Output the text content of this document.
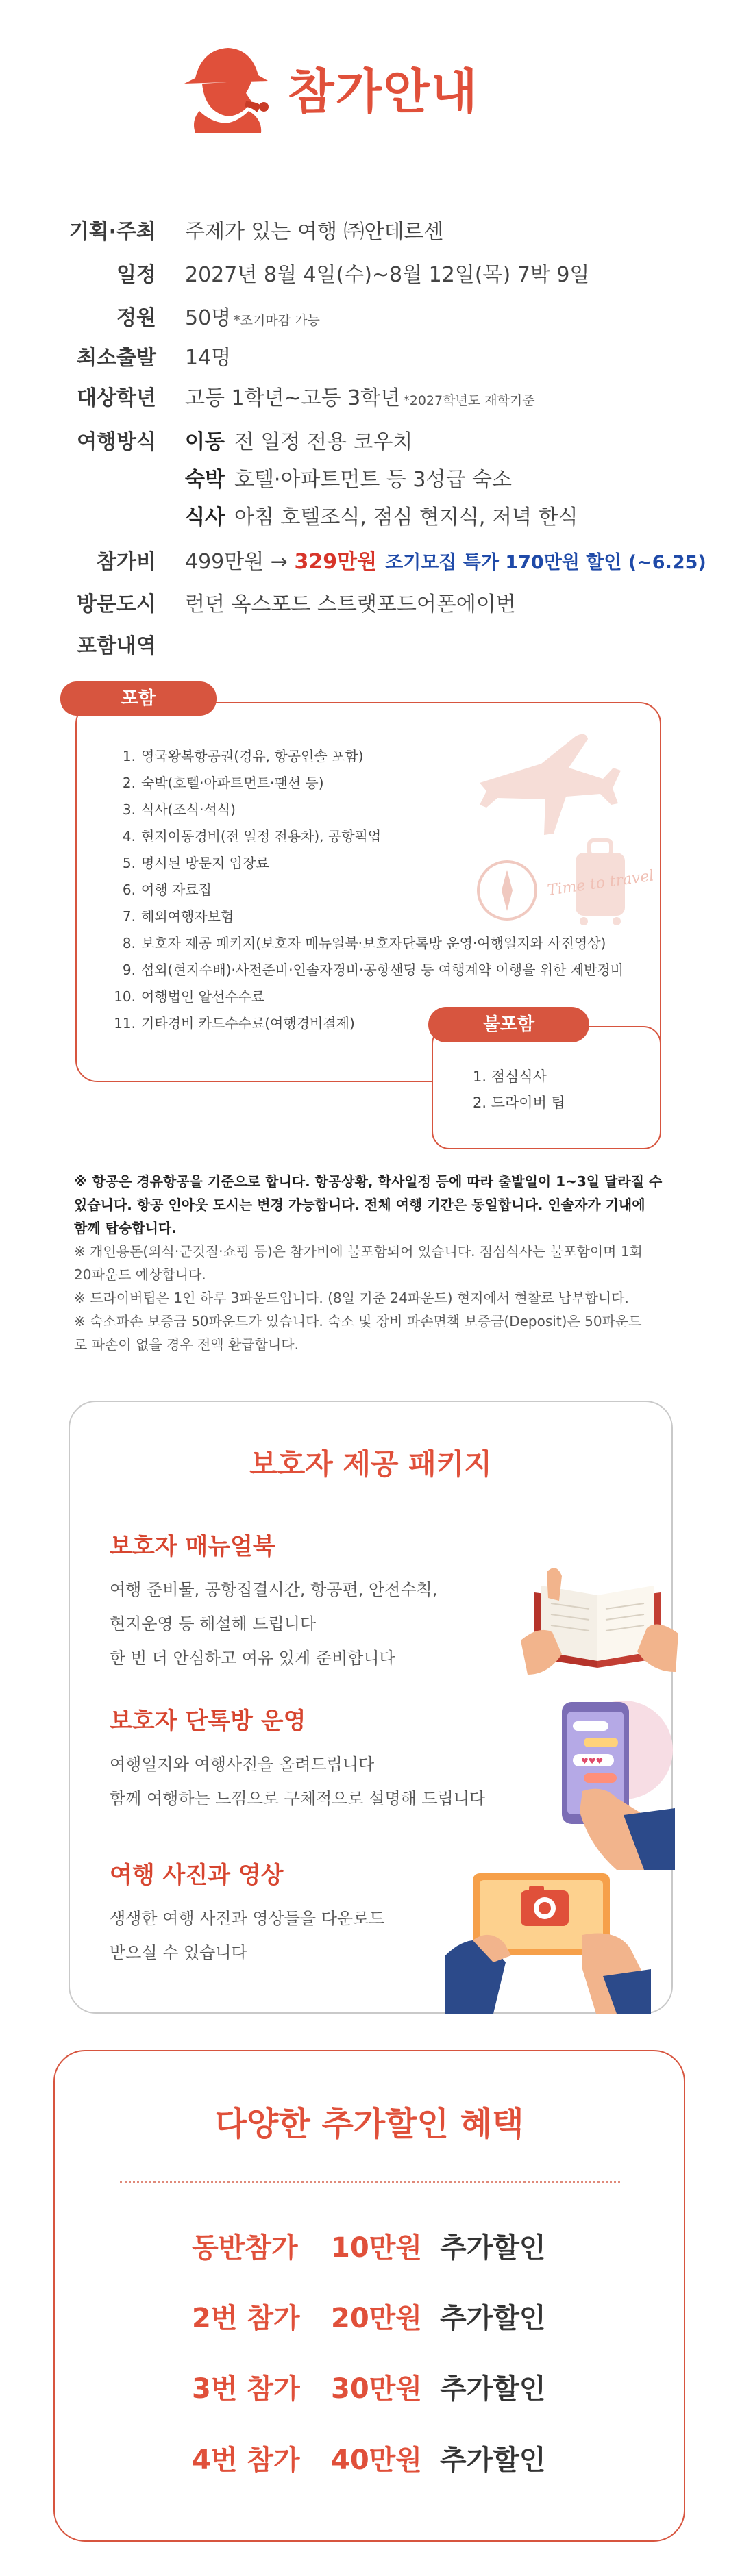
참가안내
기획·주최 주제가 있는 여행 ㈜안데르센
일정 2027년 8월 4일(수)~8월 12일(목) 7박 9일
정원 50명 *조기마감 가능
최소출발 14명
대상학년 고등 1학년~고등 3학년 *2027학년도 재학기준
여행방식 이동 전 일정 전용 코우치
숙박 호텔·아파트먼트 등 3성급 숙소
식사 아침 호텔조식, 점심 현지식, 저녁 한식
참가비 499만원 → 329만원 조기모집 특가 170만원 할인 (~6.25)
방문도시 런던 옥스포드 스트랫포드어폰에이번
포함내역
포함
1. 영국왕복항공권(경유, 항공인솔 포함)
2. 숙박(호텔·아파트먼트·팬션 등)
3. 식사(조식·석식)
4. 현지이동경비(전 일정 전용차), 공항픽업
5. 명시된 방문지 입장료
6. 여행 자료집
7. 해외여행자보험
8. 보호자 제공 패키지(보호자 매뉴얼북·보호자단톡방 운영·여행일지와 사진영상)
9. 섭외(현지수배)·사전준비·인솔자경비·공항샌딩 등 여행계약 이행을 위한 제반경비
10. 여행법인 알선수수료
11. 기타경비 카드수수료(여행경비결제)
Time to travel
불포함
1. 점심식사
2. 드라이버 팁
※ 항공은 경유항공을 기준으로 합니다. 항공상황, 학사일정 등에 따라 출발일이 1~3일 달라질 수
있습니다. 항공 인아웃 도시는 변경 가능합니다. 전체 여행 기간은 동일합니다. 인솔자가 기내에
함께 탑승합니다.
※ 개인용돈(외식·군것질·쇼핑 등)은 참가비에 불포함되어 있습니다. 점심식사는 불포함이며 1회
20파운드 예상합니다.
※ 드라이버팁은 1인 하루 3파운드입니다. (8일 기준 24파운드) 현지에서 현찰로 납부합니다.
※ 숙소파손 보증금 50파운드가 있습니다. 숙소 및 장비 파손면책 보증금(Deposit)은 50파운드
로 파손이 없을 경우 전액 환급합니다.
보호자 제공 패키지
보호자 매뉴얼북
여행 준비물, 공항집결시간, 항공편, 안전수칙,
현지운영 등 해설해 드립니다
한 번 더 안심하고 여유 있게 준비합니다
보호자 단톡방 운영
여행일지와 여행사진을 올려드립니다
함께 여행하는 느낌으로 구체적으로 설명해 드립니다
여행 사진과 영상
생생한 여행 사진과 영상들을 다운로드
받으실 수 있습니다
♥♥♥
다양한 추가할인 혜택
동반참가 10만원 추가할인
2번 참가 20만원 추가할인
3번 참가 30만원 추가할인
4번 참가 40만원 추가할인
